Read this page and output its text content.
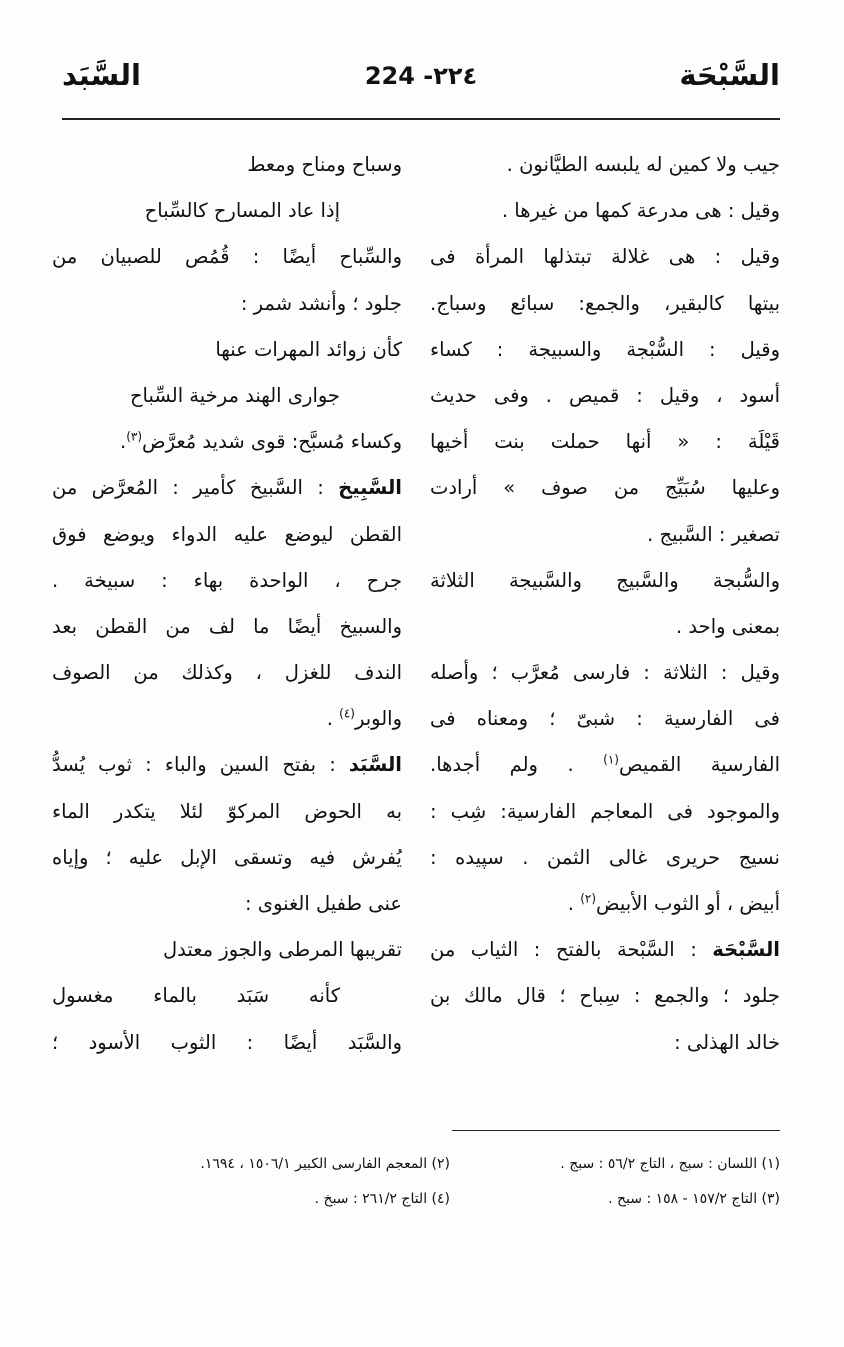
السَّبْحَة
224 -٢٢٤
السَّبَد
جيب ولا كمين له يلبسه الطيَّانون .
وقيل : هى مدرعة كمها من غيرها .
وقيل : هى غلالة تبتذلها المرأة فى
بيتها كالبقير، والجمع: سبائع وسباج.
وقيل : السُّبْجة والسبيجة : كساء
أسود ، وقيل : قميص . وفى حديث
قَيْلَة : « أنها حملت بنت أخيها
وعليها سُبَيِّج من صوف » أرادت
تصغير : السَّبيج .
والسُّبجة والسَّبيج والسَّبيجة الثلاثة
بمعنى واحد .
وقيل : الثلاثة : فارسى مُعرَّب ؛ وأصله
فى الفارسية : شبىّ ؛ ومعناه فى
الفارسية القميص$^{(١)}$ . ولم أجدها.
والموجود فى المعاجم الفارسية: شِب :
نسيج حريرى غالى الثمن . سپيده :
أبيض ، أو الثوب الأبيض$^{(٢)}$ .
السَّبْحَة : السَّبْحة بالفتح : الثياب من
جلود ؛ والجمع : سِباح ؛ قال مالك بن
خالد الهذلى :
وسباح ومناح ومعط
إذا عاد المسارح كالسِّباح
والسِّباح أيضًا : قُمُص للصبيان من
جلود ؛ وأنشد شمر :
كأن زوائد المهرات عنها
جوارى الهند مرخية السِّباح
وكساء مُسبَّح: قوى شديد مُعرَّض$^{(٣)}$.
السَّبِيخ : السَّبيخ كأمير : المُعرَّض من
القطن ليوضع عليه الدواء ويوضع فوق
جرح ، الواحدة بهاء : سبيخة .
والسبيخ أيضًا ما لف من القطن بعد
الندف للغزل ، وكذلك من الصوف
والوبر$^{(٤)}$ .
السَّبَد : بفتح السين والباء : ثوب يُسدُّ
به الحوض المركوّ لئلا يتكدر الماء
يُفرش فيه وتسقى الإبل عليه ؛ وإياه
عنى طفيل الغنوى :
تقريبها المرطى والجوز معتدل
كأنه سَبَد بالماء مغسول
والسَّبَد أيضًا : الثوب الأسود ؛
(١) اللسان : سبج ، التاج ٥٦/٢ : سبج .
(٢) المعجم الفارسى الكبير ١٥٠٦/١ ، ١٦٩٤.
(٣) التاج ١٥٧/٢ - ١٥٨ : سبح .
(٤) التاج ٢٦١/٢ : سبخ .
